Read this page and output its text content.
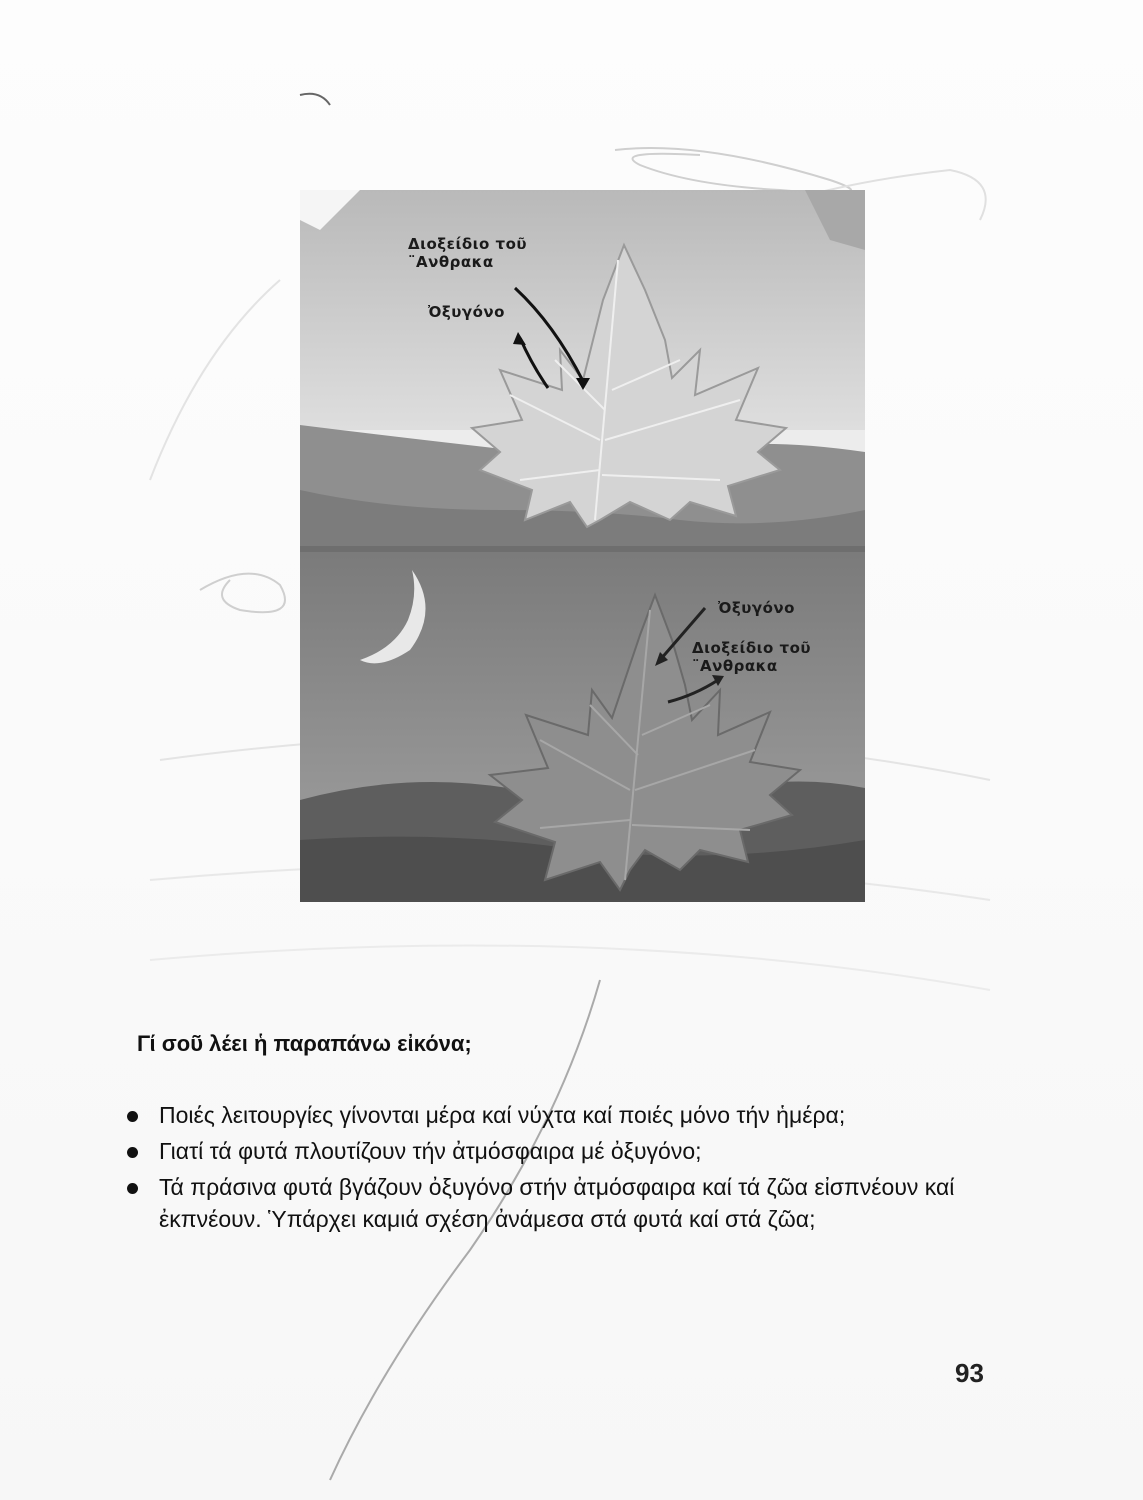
Διοξείδιο τοῦ
¨Ανθρακα
Ὀξυγόνο
Ὀξυγόνο
Διοξείδιο τοῦ
¨Ανθρακα
Γί σοῦ λέει ἡ παραπάνω εἰκόνα;
Ποιές λειτουργίες γίνονται μέρα καί νύχτα καί ποιές μόνο τήν ἡμέρα;
Γιατί τά φυτά πλουτίζουν τήν ἀτμόσφαιρα μέ ὀξυγόνο;
Τά πράσινα φυτά βγάζουν ὀξυγόνο στήν ἀτμόσφαιρα καί τά ζῶα εἰσπνέουν καί ἐκπνέουν. Ὑπάρχει καμιά σχέση ἀνάμεσα στά φυτά καί στά ζῶα;
93
